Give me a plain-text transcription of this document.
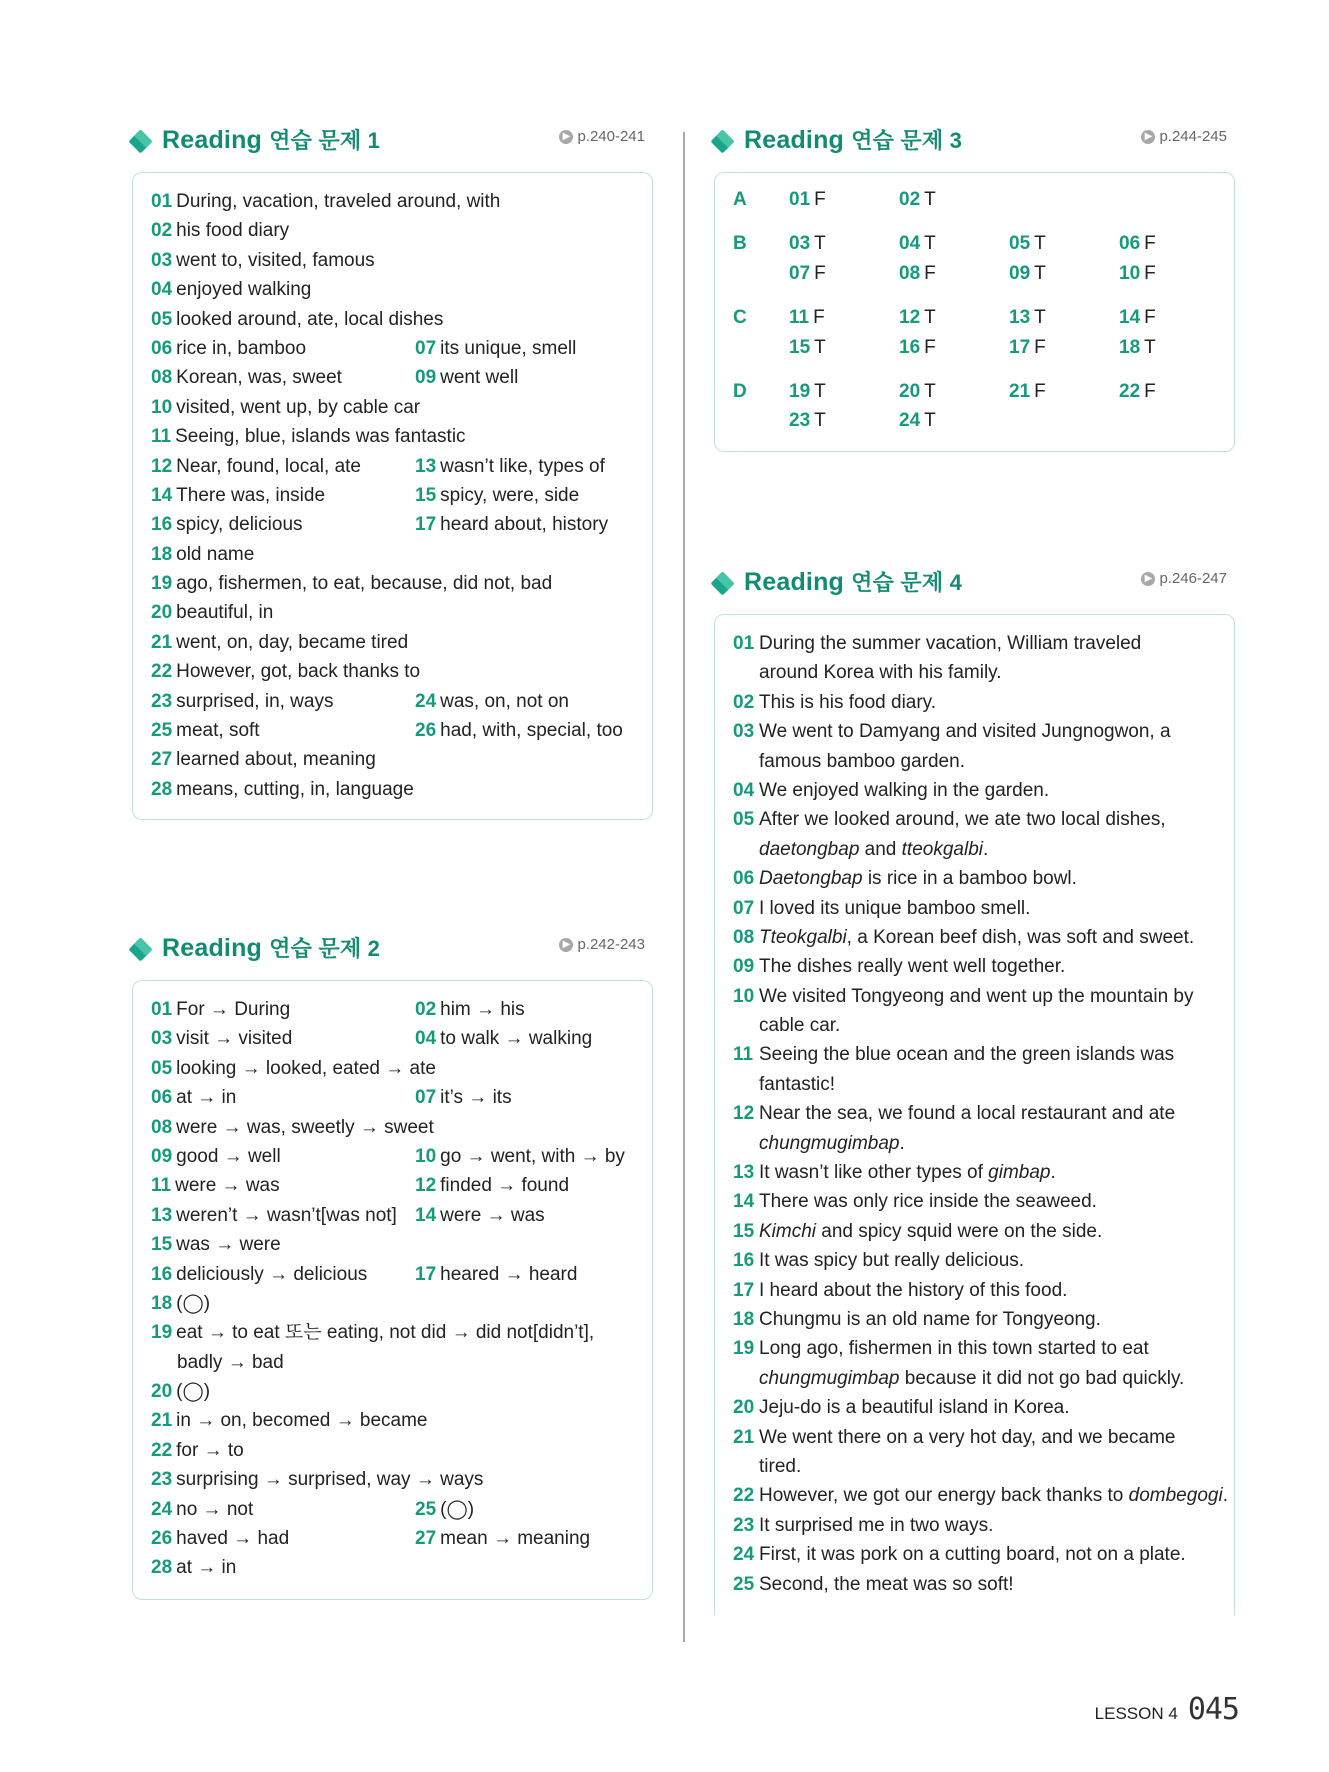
Reading 연습 문제 1	▶ p.240-241
01 During, vacation, traveled around, with
02 his food diary
03 went to, visited, famous
04 enjoyed walking
05 looked around, ate, local dishes
06 rice in, bamboo	07 its unique, smell
08 Korean, was, sweet	09 went well
10 visited, went up, by cable car
11 Seeing, blue, islands was fantastic
12 Near, found, local, ate	13 wasn’t like, types of
14 There was, inside	15 spicy, were, side
16 spicy, delicious	17 heard about, history
18 old name
19 ago, fishermen, to eat, because, did not, bad
20 beautiful, in
21 went, on, day, became tired
22 However, got, back thanks to
23 surprised, in, ways	24 was, on, not on
25 meat, soft	26 had, with, special, too
27 learned about, meaning
28 means, cutting, in, language
Reading 연습 문제 2	▶ p.242-243
01 For → During	02 him → his
03 visit → visited	04 to walk → walking
05 looking → looked, eated → ate
06 at → in	07 it’s → its
08 were → was, sweetly → sweet
09 good → well	10 go → went, with → by
11 were → was	12 finded → found
13 weren’t → wasn’t[was not] 14 were → was
15 was → were
16 deliciously → delicious	17 heared → heard
18 (◯)
19 eat → to eat 또는 eating, not did → did not[didn’t],
badly → bad
20 (◯)
21 in → on, becomed → became
22 for → to
23 surprising → surprised, way → ways
24 no → not	25 (◯)
26 haved → had	27 mean → meaning
28 at → in
Reading 연습 문제 3	▶ p.244-245
A 01 F	02 T
B 03 T	04 T	05 T	06 F
07 F	08 F	09 T	10 F
C 11 F	12 T	13 T	14 F
15 T	16 F	17 F	18 T
D 19 T	20 T	21 F	22 F
23 T	24 T
Reading 연습 문제 4	▶ p.246-247
01 During the summer vacation, William traveled
around Korea with his family.
02 This is his food diary.
03 We went to Damyang and visited Jungnogwon, a
famous bamboo garden.
04 We enjoyed walking in the garden.
05 After we looked around, we ate two local dishes,
daetongbap and tteokgalbi.
06 Daetongbap is rice in a bamboo bowl.
07 I loved its unique bamboo smell.
08 Tteokgalbi, a Korean beef dish, was soft and sweet.
09 The dishes really went well together.
10 We visited Tongyeong and went up the mountain by
cable car.
11 Seeing the blue ocean and the green islands was
fantastic!
12 Near the sea, we found a local restaurant and ate
chungmugimbap.
13 It wasn’t like other types of gimbap.
14 There was only rice inside the seaweed.
15 Kimchi and spicy squid were on the side.
16 It was spicy but really delicious.
17 I heard about the history of this food.
18 Chungmu is an old name for Tongyeong.
19 Long ago, fishermen in this town started to eat
chungmugimbap because it did not go bad quickly.
20 Jeju-do is a beautiful island in Korea.
21 We went there on a very hot day, and we became
tired.
22 However, we got our energy back thanks to dombegogi.
23 It surprised me in two ways.
24 First, it was pork on a cutting board, not on a plate.
25 Second, the meat was so soft!
LESSON 4 045
